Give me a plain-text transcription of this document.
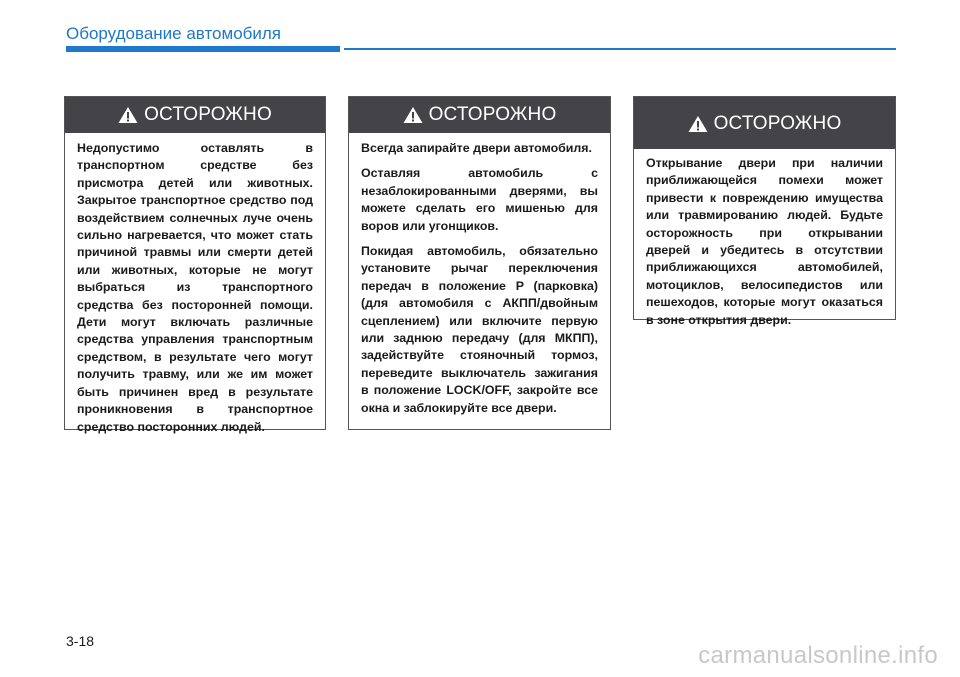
Оборудование автомобиля
ОСТОРОЖНО

Недопустимо оставлять в транспортном средстве без присмотра детей или животных. Закрытое транспортное средство под воздействием солнечных луче очень сильно нагревается, что может стать причиной травмы или смерти детей или животных, которые не могут выбраться из транспортного средства без посторонней помощи. Дети могут включать различные средства управления транспортным средством, в результате чего могут получить травму, или же им может быть причинен вред в результате проникновения в транспортное средство посторонних людей.

ОСТОРОЖНО

Всегда запирайте двери автомобиля.

Оставляя автомобиль с незаблокированными дверями, вы можете сделать его мишенью для воров или угонщиков.

Покидая автомобиль, обязательно установите рычаг переключения передач в положение P (парковка) (для автомобиля с АКПП/двойным сцеплением) или включите первую или заднюю передачу (для МКПП), задействуйте стояночный тормоз, переведите выключатель зажигания в положение LOCK/OFF, закройте все окна и заблокируйте все двери.

ОСТОРОЖНО

Открывание двери при наличии приближающейся помехи может привести к повреждению имущества или травмированию людей. Будьте осторожность при открывании дверей и убедитесь в отсутствии приближающихся автомобилей, мотоциклов, велосипедистов или пешеходов, которые могут оказаться в зоне открытия двери.

3-18
carmanualsonline.info
